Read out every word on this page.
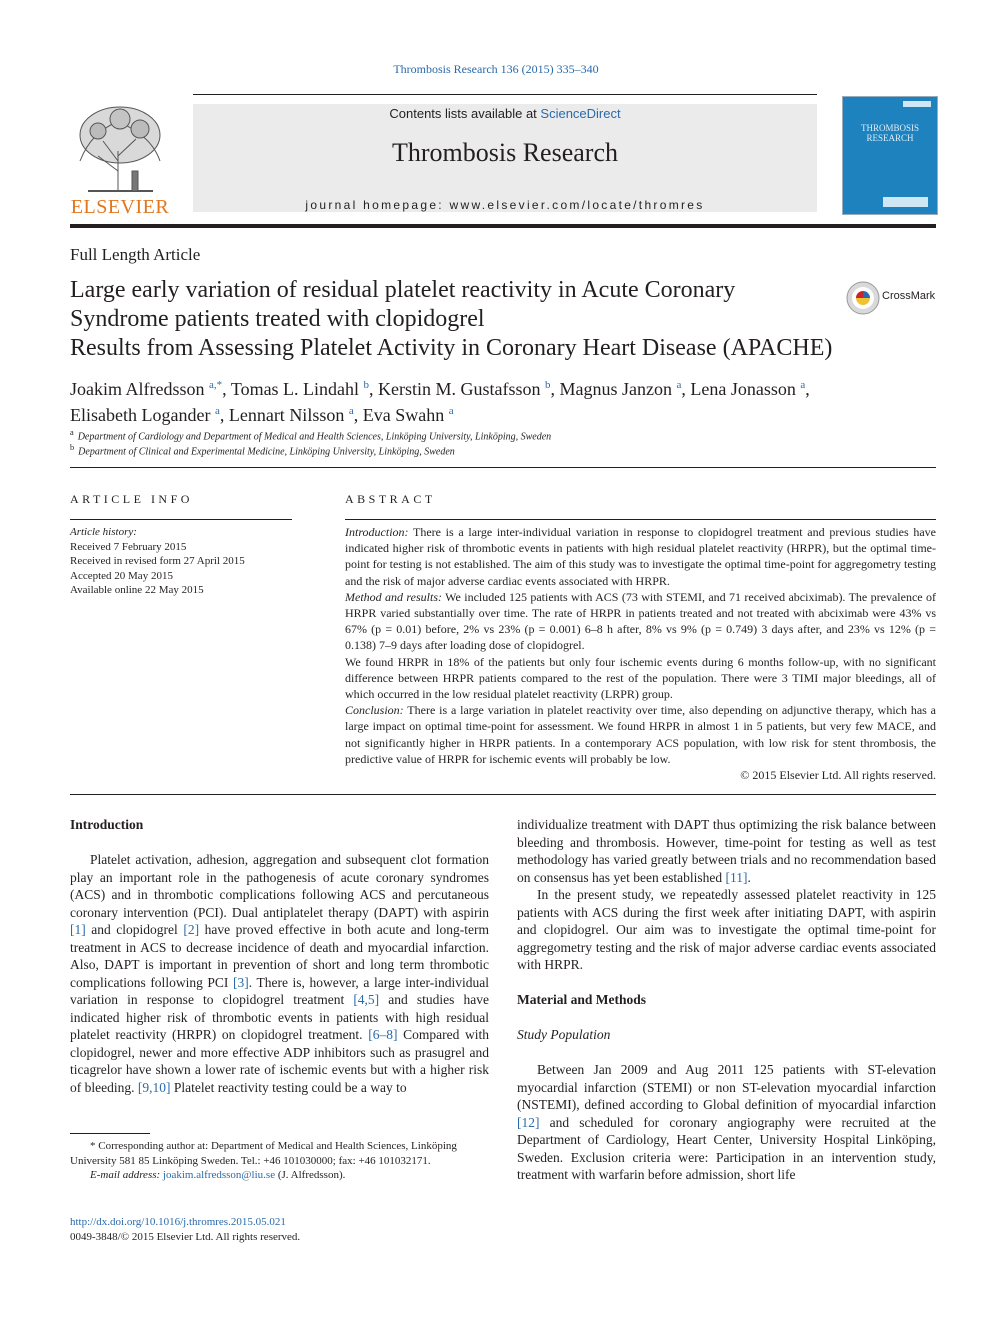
Thrombosis Research 136 (2015) 335–340
ELSEVIER
Contents lists available at ScienceDirect
Thrombosis Research
journal homepage: www.elsevier.com/locate/thromres
THROMBOSIS
RESEARCH
Full Length Article
Large early variation of residual platelet reactivity in Acute Coronary
Syndrome patients treated with clopidogrel
Results from Assessing Platelet Activity in Coronary Heart Disease (APACHE)
CrossMark
Joakim Alfredsson $^{a,*}$, Tomas L. Lindahl $^b$, Kerstin M. Gustafsson $^b$, Magnus Janzon $^a$, Lena Jonasson $^a$,
Elisabeth Logander $^a$, Lennart Nilsson $^a$, Eva Swahn $^a$
$^a$ Department of Cardiology and Department of Medical and Health Sciences, Linköping University, Linköping, Sweden
$^b$ Department of Clinical and Experimental Medicine, Linköping University, Linköping, Sweden
ARTICLE INFO
Article history:
Received 7 February 2015
Received in revised form 27 April 2015
Accepted 20 May 2015
Available online 22 May 2015
ABSTRACT

Introduction: There is a large inter-individual variation in response to clopidogrel treatment and previous studies have indicated higher risk of thrombotic events in patients with high residual platelet reactivity (HRPR), but the optimal time-point for testing is not established. The aim of this study was to investigate the optimal time-point for aggregometry testing and the risk of major adverse cardiac events associated with HRPR.

Method and results: We included 125 patients with ACS (73 with STEMI, and 71 received abciximab). The prevalence of HRPR varied substantially over time. The rate of HRPR in patients treated and not treated with abciximab were 43% vs 67% (p = 0.01) before, 2% vs 23% (p = 0.001) 6–8 h after, 8% vs 9% (p = 0.749) 3 days after, and 23% vs 12% (p = 0.138) 7–9 days after loading dose of clopidogrel.

We found HRPR in 18% of the patients but only four ischemic events during 6 months follow-up, with no significant difference between HRPR patients compared to the rest of the population. There were 3 TIMI major bleedings, all of which occurred in the low residual platelet reactivity (LRPR) group.

Conclusion: There is a large variation in platelet reactivity over time, also depending on adjunctive therapy, which has a large impact on optimal time-point for assessment. We found HRPR in almost 1 in 5 patients, but very few MACE, and not significantly higher in HRPR patients. In a contemporary ACS population, with low risk for stent thrombosis, the predictive value of HRPR for ischemic events will probably be low.

© 2015 Elsevier Ltd. All rights reserved.

Introduction

Platelet activation, adhesion, aggregation and subsequent clot formation play an important role in the pathogenesis of acute coronary syndromes (ACS) and in thrombotic complications following ACS and percutaneous coronary intervention (PCI). Dual antiplatelet therapy (DAPT) with aspirin [1] and clopidogrel [2] have proved effective in both acute and long-term treatment in ACS to decrease incidence of death and myocardial infarction. Also, DAPT is important in prevention of short and long term thrombotic complications following PCI [3]. There is, however, a large inter-individual variation in response to clopidogrel treatment [4,5] and studies have indicated higher risk of thrombotic events in patients with high residual platelet reactivity (HRPR) on clopidogrel treatment. [6–8] Compared with clopidogrel, newer and more effective ADP inhibitors such as prasugrel and ticagrelor have shown a lower rate of ischemic events but with a higher risk of bleeding. [9,10] Platelet reactivity testing could be a way to

individualize treatment with DAPT thus optimizing the risk balance between bleeding and thrombosis. However, time-point for testing as well as test methodology has varied greatly between trials and no recommendation based on consensus has yet been established [11].

In the present study, we repeatedly assessed platelet reactivity in 125 patients with ACS during the first week after initiating DAPT, with aspirin and clopidogrel. Our aim was to investigate the optimal time-point for aggregometry testing and the risk of major adverse cardiac events associated with HRPR.

Material and Methods

Study Population

Between Jan 2009 and Aug 2011 125 patients with ST-elevation myocardial infarction (STEMI) or non ST-elevation myocardial infarction (NSTEMI), defined according to Global definition of myocardial infarction [12] and scheduled for coronary angiography were recruited at the Department of Cardiology, Heart Center, University Hospital Linköping, Sweden. Exclusion criteria were: Participation in an intervention study, treatment with warfarin before admission, short life

* Corresponding author at: Department of Medical and Health Sciences, Linköping University 581 85 Linköping Sweden. Tel.: +46 101030000; fax: +46 101032171.

E-mail address: joakim.alfredsson@liu.se (J. Alfredsson).

http://dx.doi.org/10.1016/j.thromres.2015.05.021
0049-3848/© 2015 Elsevier Ltd. All rights reserved.
